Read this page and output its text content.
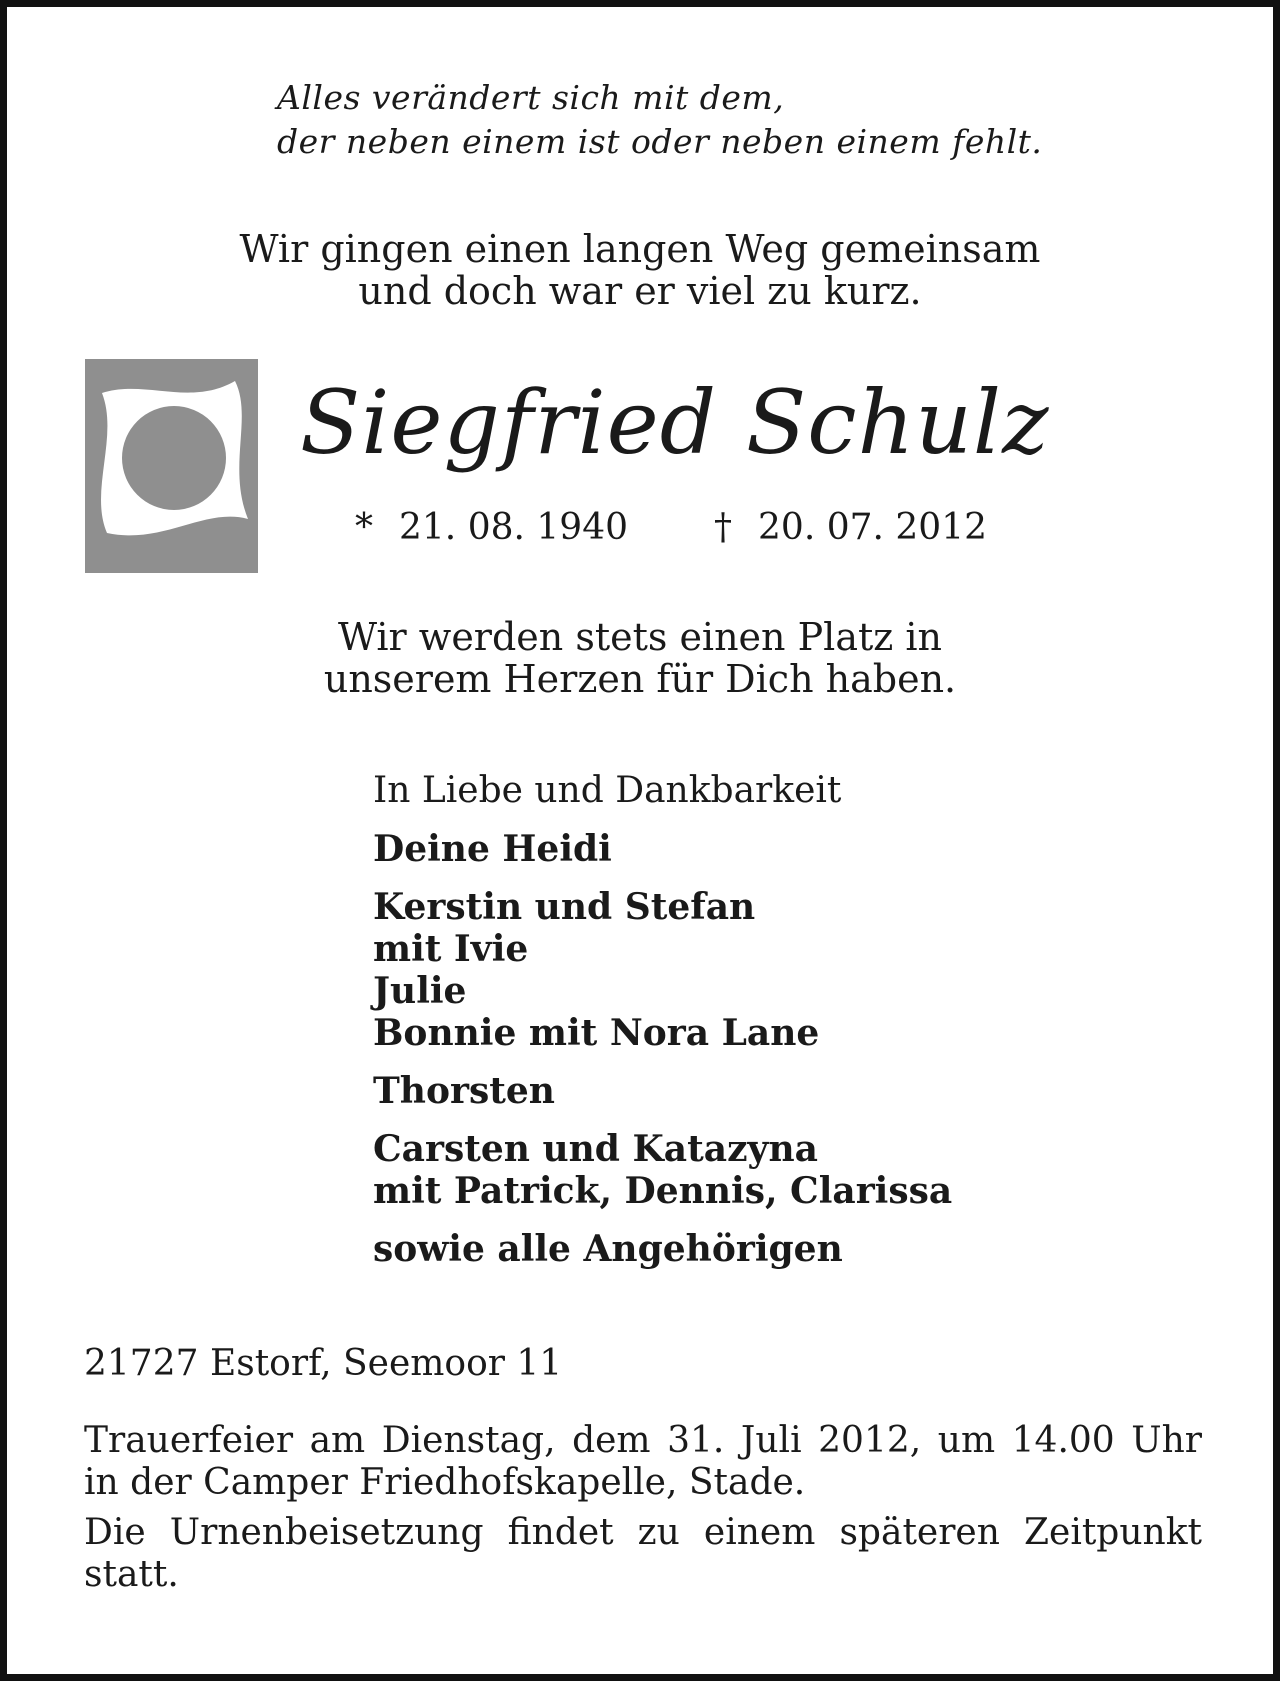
Alles verändert sich mit dem,
der neben einem ist oder neben einem fehlt.
Wir gingen einen langen Weg gemeinsam
und doch war er viel zu kurz.
Siegfried Schulz
* 21. 08. 1940 † 20. 07. 2012
Wir werden stets einen Platz in
unserem Herzen für Dich haben.
In Liebe und Dankbarkeit
Deine Heidi
Kerstin und Stefan
mit Ivie
Julie
Bonnie mit Nora Lane
Thorsten
Carsten und Katazyna
mit Patrick, Dennis, Clarissa
sowie alle Angehörigen
21727 Estorf, Seemoor 11
Trauerfeier am Dienstag, dem 31. Juli 2012, um 14.00 Uhr in der Camper Friedhofskapelle, Stade.
Die Urnenbeisetzung findet zu einem späteren Zeitpunkt statt.
